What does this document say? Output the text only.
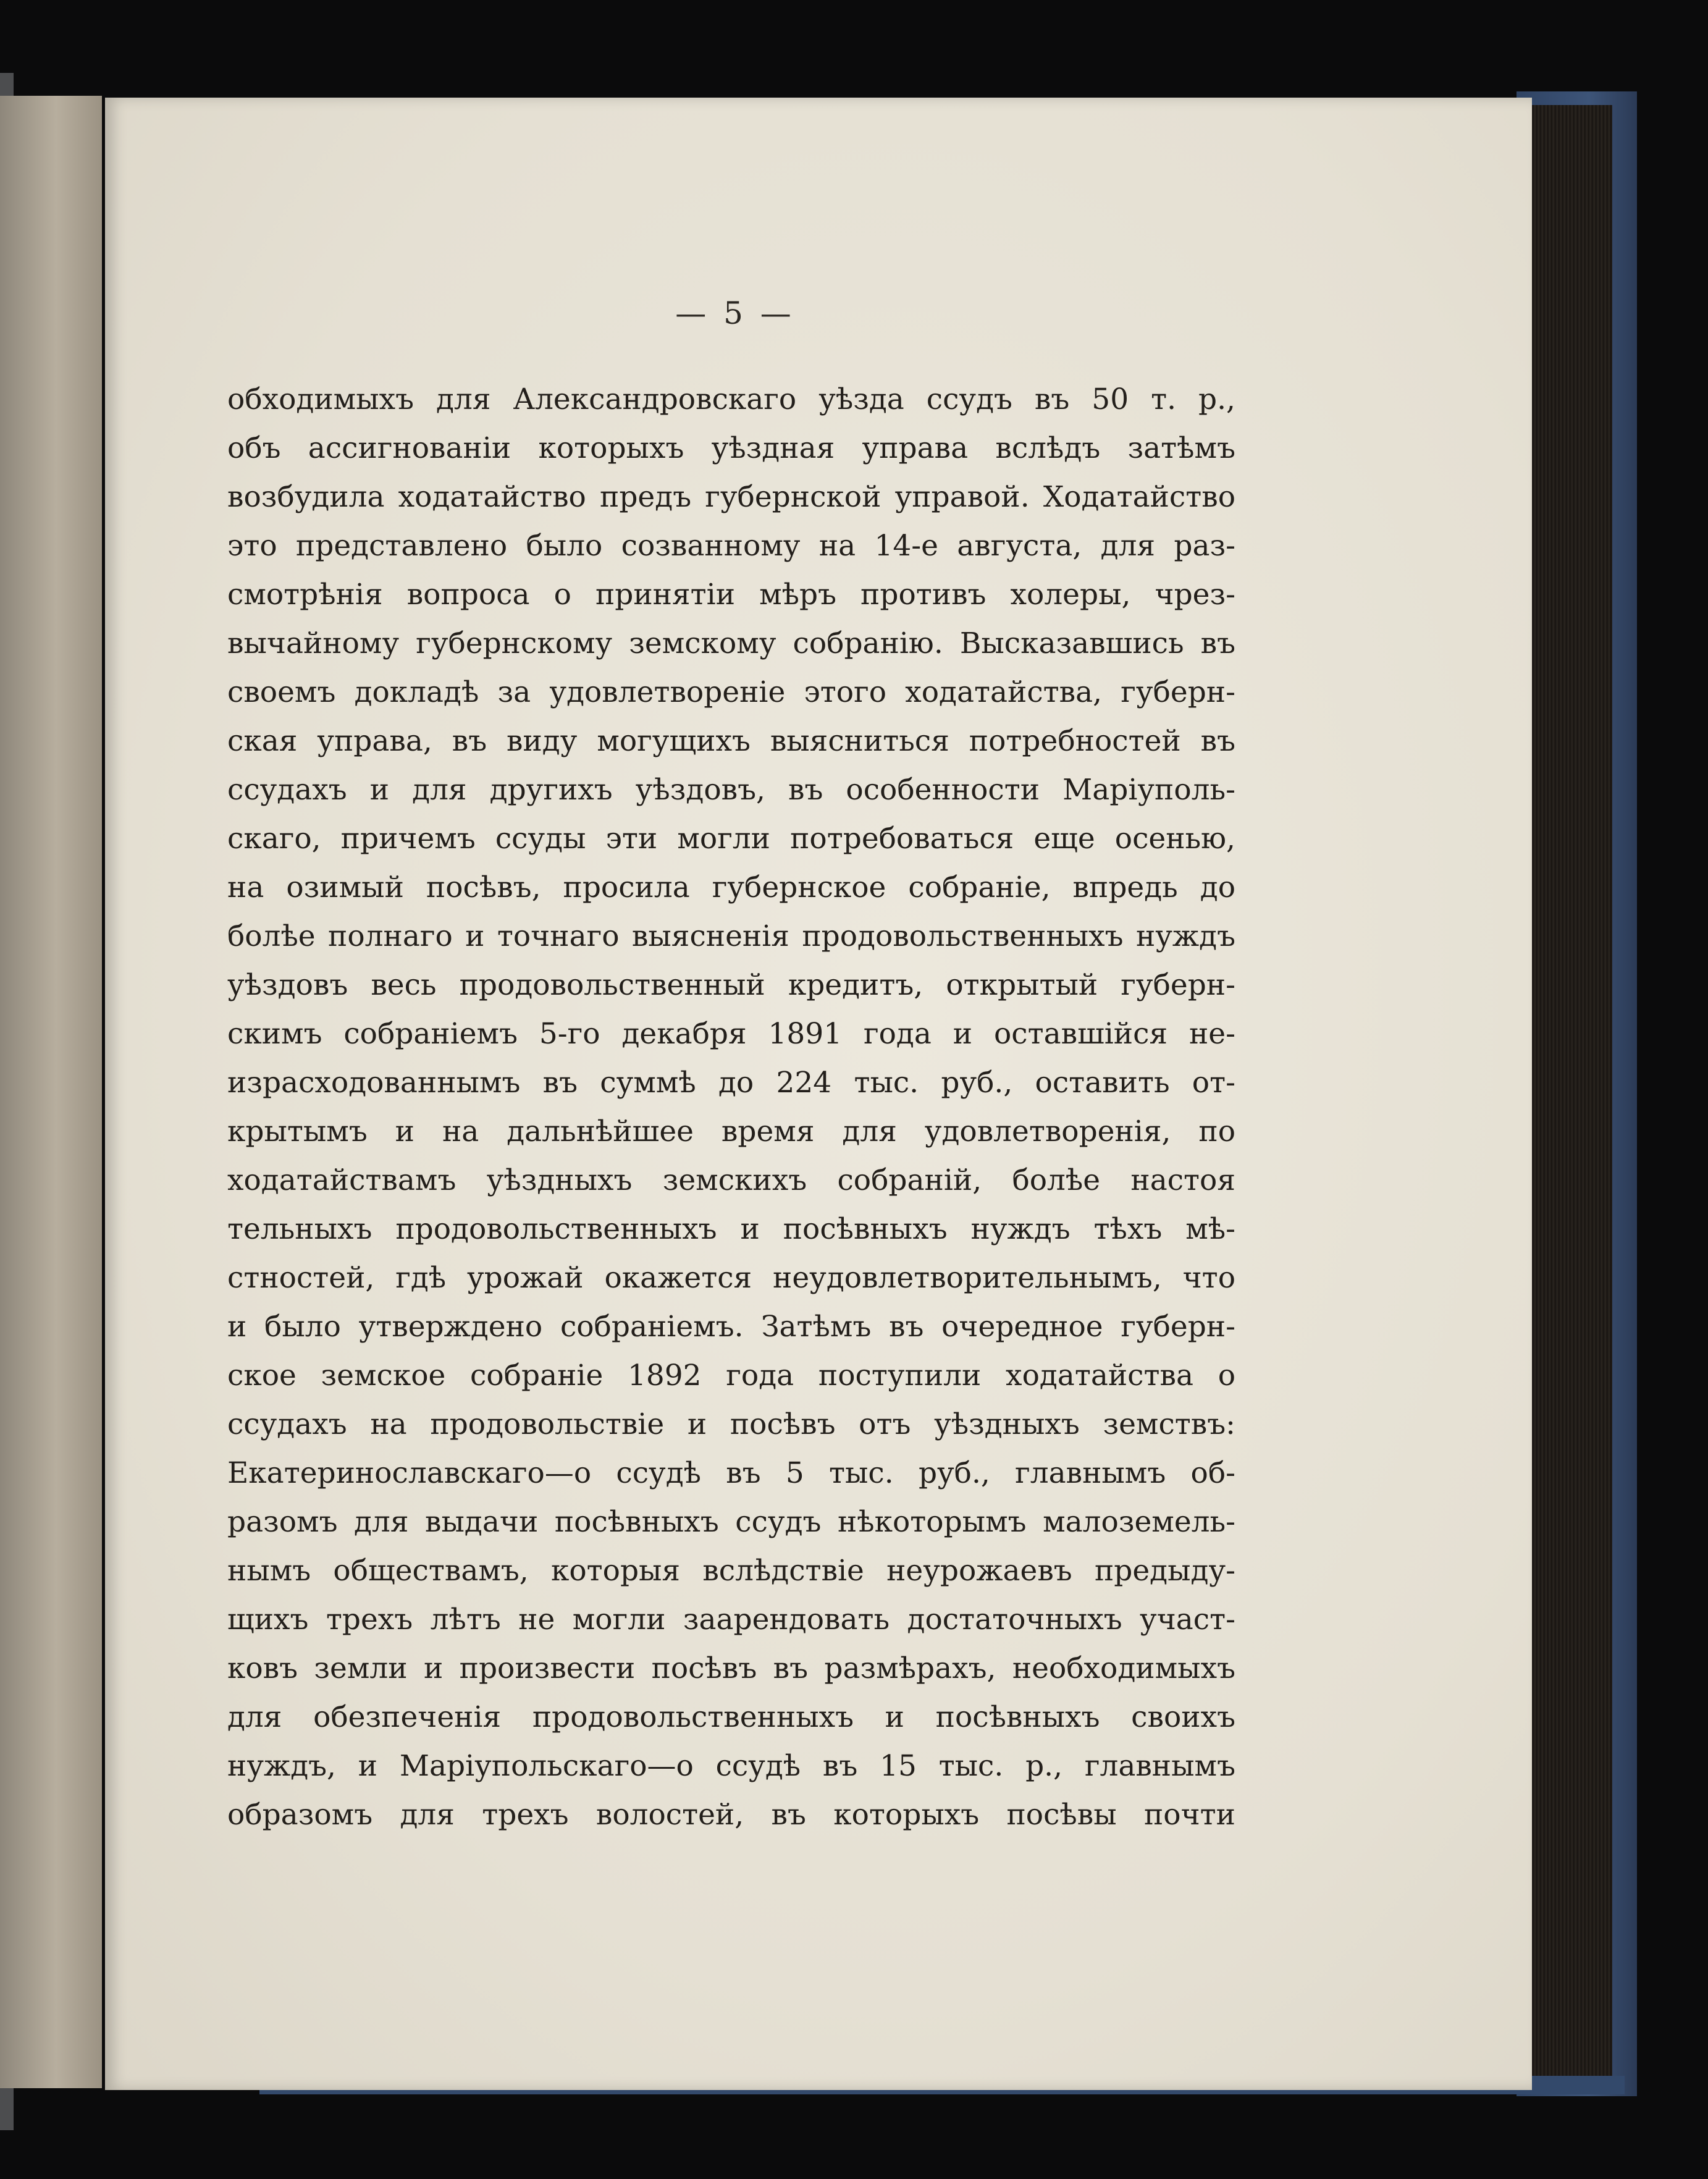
— 5 —
обходимыхъ для Александровскаго уѣзда ссудъ въ 50 т. р.,
объ ассигнованіи которыхъ уѣздная управа вслѣдъ затѣмъ
возбудила ходатайство предъ губернской управой. Ходатайство
это представлено было созванному на 14-е августа, для раз-
смотрѣнія вопроса о принятіи мѣръ противъ холеры, чрез-
вычайному губернскому земскому собранію. Высказавшись въ
своемъ докладѣ за удовлетвореніе этого ходатайства, губерн-
ская управа, въ виду могущихъ выясниться потребностей въ
ссудахъ и для другихъ уѣздовъ, въ особенности Маріуполь-
скаго, причемъ ссуды эти могли потребоваться еще осенью,
на озимый посѣвъ, просила губернское собраніе, впредь до
болѣе полнаго и точнаго выясненія продовольственныхъ нуждъ
уѣздовъ весь продовольственный кредитъ, открытый губерн-
скимъ собраніемъ 5-го декабря 1891 года и оставшійся не-
израсходованнымъ въ суммѣ до 224 тыс. руб., оставить от-
крытымъ и на дальнѣйшее время для удовлетворенія, по
ходатайствамъ уѣздныхъ земскихъ собраній, болѣе настоя
тельныхъ продовольственныхъ и посѣвныхъ нуждъ тѣхъ мѣ-
стностей, гдѣ урожай окажется неудовлетворительнымъ, что
и было утверждено собраніемъ. Затѣмъ въ очередное губерн-
ское земское собраніе 1892 года поступили ходатайства о
ссудахъ на продовольствіе и посѣвъ отъ уѣздныхъ земствъ:
Екатеринославскаго—о ссудѣ въ 5 тыс. руб., главнымъ об-
разомъ для выдачи посѣвныхъ ссудъ нѣкоторымъ малоземель-
нымъ обществамъ, которыя вслѣдствіе неурожаевъ предыду-
щихъ трехъ лѣтъ не могли заарендовать достаточныхъ участ-
ковъ земли и произвести посѣвъ въ размѣрахъ, необходимыхъ
для обезпеченія продовольственныхъ и посѣвныхъ своихъ
нуждъ, и Маріупольскаго—о ссудѣ въ 15 тыс. р., главнымъ
образомъ для трехъ волостей, въ которыхъ посѣвы почти
